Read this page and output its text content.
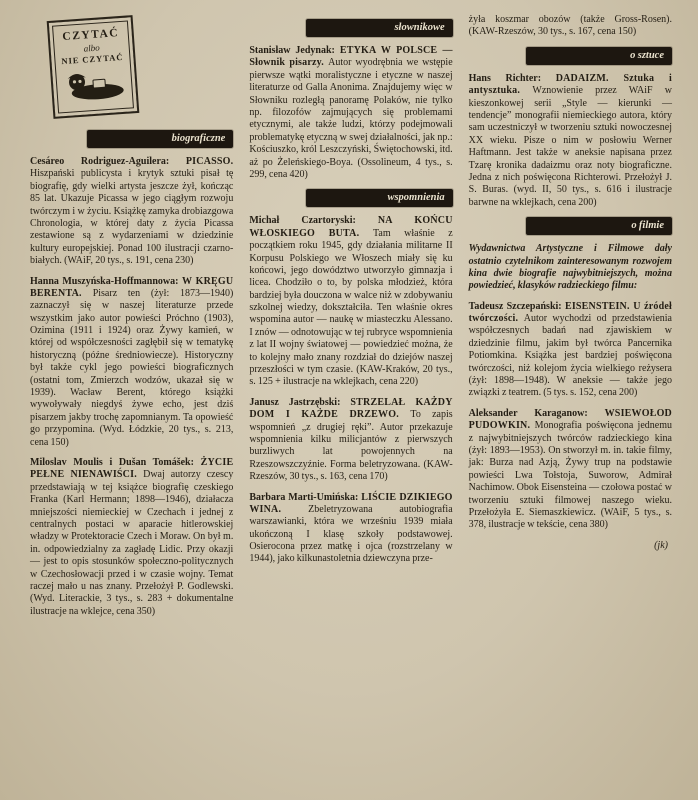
CZYTAĆ
albo
NIE CZYTAĆ
biograficzne

Cesáreo Rodriguez-Aguilera: PICASSO.Hiszpański publicysta i krytyk sztuki pisał tę biografię, gdy wielki artysta jeszcze żył, kończąc 85 lat. Ukazuje Picassa w jego ciągłym rozwoju twórczym i w życiu. Książkę zamyka drobiazgowa Chronologia, w której daty z życia Picassa zestawione są z wydarzeniami w dziedzinie kultury europejskiej. Ponad 100 ilustracji czarno-białych. (WAiF, 20 tys., s. 191, cena 230)

Hanna Muszyńska-Hoffmannowa: W KRĘGU BERENTA. Pisarz ten (żył: 1873—1940) zaznaczył się w naszej literaturze przede wszystkim jako autor powieści Próchno (1903), Ozimina (1911 i 1924) oraz Żywy kamień, w której od współczesności zagłębił się w tematykę historyczną (późne średniowiecze). Historyczny był także cykl jego powieści biograficznych (ostatni tom, Zmierzch wodzów, ukazał się w 1939). Wacław Berent, którego książki wywoływały niegdyś żywe echo, jest dziś pisarzem jakby trochę zapomnianym. Ta opowieść go przypomina. (Wyd. Łódzkie, 20 tys., s. 213, cena 150)

Miloslav Moulis i Dušan Tomášek: ŻYCIE PEŁNE NIENAWIŚCI. Dwaj autorzy czescy przedstawiają w tej książce biografię czeskiego Franka (Karl Hermann; 1898—1946), działacza mniejszości niemieckiej w Czechach i jednej z centralnych postaci w aparacie hitlerowskiej władzy w Protektoracie Czech i Moraw. On był m. in. odpowiedzialny za zagładę Lidic. Przy okazji — jest to opis stosunków społeczno-politycznych w Czechosłowacji przed i w czasie wojny. Temat raczej mało u nas znany. Przełożył P. Godlewski. (Wyd. Literackie, 3 tys., s. 283 + dokumentalne ilustracje na wklejce, cena 350)

słownikowe

Stanisław Jedynak: ETYKA W POLSCE — Słownik pisarzy. Autor wyodrębnia we wstępie pierwsze wątki moralistyczne i etyczne w naszej literaturze od Galla Anonima. Znajdujemy więc w Słowniku rozległą panoramę Polaków, nie tylko np. filozofów zajmujących się problemami etycznymi, ale także ludzi, którzy podejmowali problematykę etyczną w swej działalności, jak np.: Kościuszko, król Leszczyński, Świętochowski, itd. aż po Żeleńskiego-Boya. (Ossolineum, 4 tys., s. 299, cena 420)

wspomnienia

Michał Czartoryski: NA KOŃCU WŁOSKIEGO BUTA. Tam właśnie z początkiem roku 1945, gdy działania militarne II Korpusu Polskiego we Włoszech miały się ku końcowi, jego dowództwo utworzyło gimnazja i licea. Chodziło o to, by polska młodzież, która bardziej była douczona w walce niż w zdobywaniu szkolnej wiedzy, dokształciła. Ten właśnie okres wspomina autor — naukę w miasteczku Alessano. I znów — odnotowując w tej rubryce wspomnienia z lat II wojny światowej — powiedzieć można, że to kolejny mało znany rozdział do dziejów naszej przeszłości w tym czasie. (KAW-Kraków, 20 tys., s. 125 + ilustracje na wklejkach, cena 220)

Janusz Jastrzębski: STRZELAŁ KAŻDY DOM I KAŻDE DRZEWO. To zapis wspomnień „z drugiej ręki”. Autor przekazuje wspomnienia kilku milicjantów z pierwszych burzliwych lat powojennych na Rzeszowszczyźnie. Forma beletryzowana. (KAW-Rzeszów, 30 tys., s. 163, cena 170)

Barbara Marti-Umińska: LIŚCIE DZIKIEGO WINA.	Zbeletryzowana autobiografia warszawianki, która we wrześniu 1939 miała ukończoną I klasę szkoły podstawowej. Osierocona przez matkę i ojca (rozstrzelany w 1944), jako kilkunastoletnia dziewczyna prze-

żyła koszmar obozów (także Gross-Rosen). (KAW-Rzeszów, 30 tys., s. 167, cena 150)

o sztuce

Hans Richter: DADAIZM. Sztuka i antysztuka. Wznowienie przez WAiF w kieszonkowej serii „Style — kierunki — tendencje” monografii niemieckiego autora, który sam uczestniczył w tworzeniu sztuki nowoczesnej XX wieku. Pisze o nim w posłowiu Werner Haftmann. Jest także w aneksie napisana przez Tzarę kronika dadaizmu oraz noty biograficzne. Jedna z nich poświęcona Richterowi. Przełożył J. S. Buras. (wyd. II, 50 tys., s. 616 i ilustracje barwne na wklejkach, cena 200)

o filmie

Wydawnictwa Artystyczne i Filmowe dały ostatnio czytelnikom zainteresowanym rozwojem kina dwie biografie najwybitniejszych, można powiedzieć, klasyków radzieckiego filmu:

Tadeusz Szczepański: EISENSTEIN. U źródeł twórczości. Autor wychodzi od przedstawienia współczesnych badań nad zjawiskiem w dziedzinie filmu, jakim był twórca Pancernika Potiomkina. Książka jest bardziej poświęcona twórczości, niż kolejom życia wielkiego reżysera (żył: 1898—1948). W aneksie — także jego związki z teatrem. (5 tys. s. 152, cena 200)

Aleksander Karaganow: WSIEWOŁOD PUDOWKIN. Monografia poświęcona jednemu z najwybitniejszych twórców radzieckiego kina (żył: 1893—1953). On stworzył m. in. takie filmy, jak: Burza nad Azją, Żywy trup na podstawie powieści Lwa Tołstoja, Suworow, Admirał Nachimow. Obok Eisensteina — czołowa postać w tworzeniu sztuki filmowej naszego wieku. Przełożyła E. Siemaszkiewicz. (WAiF, 5 tys., s. 378, ilustracje w tekście, cena 380)

(jk)
